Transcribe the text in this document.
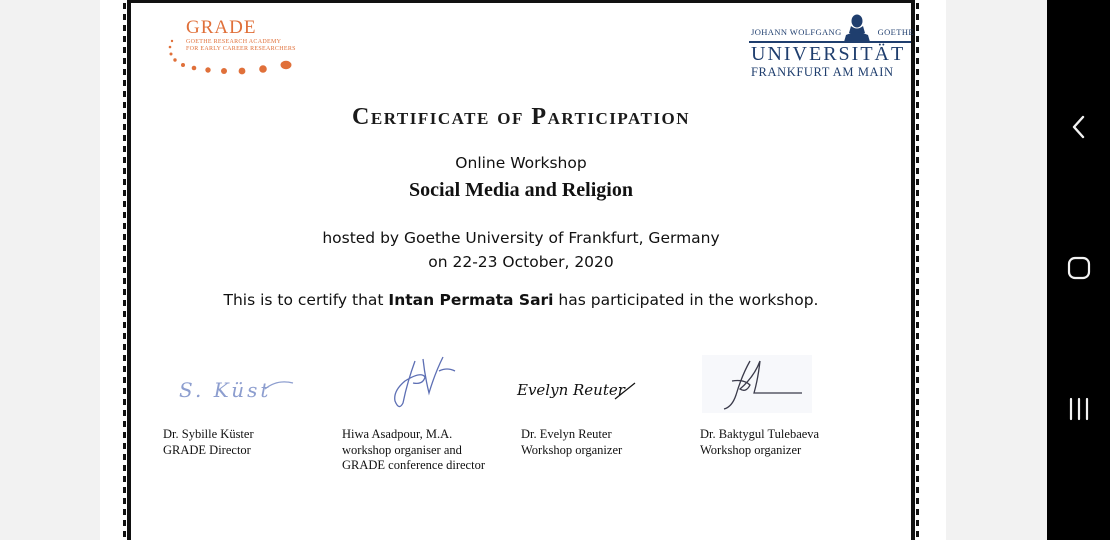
GRADE
GOETHE RESEARCH ACADEMY
FOR EARLY CAREER RESEARCHERS
JOHANN WOLFGANG	GOETHE
UNIVERSITÄT
FRANKFURT AM MAIN
Certificate of Participation
Online Workshop
Social Media and Religion
hosted by Goethe University of Frankfurt, Germany
on 22-23 October, 2020
This is to certify that Intan Permata Sari has participated in the workshop.
S. Küst
Dr. Sybille Küster
GRADE Director
Hiwa Asadpour, M.A.
workshop organiser and
GRADE conference director
Evelyn Reuter
Dr. Evelyn Reuter
Workshop organizer
Dr. Baktygul Tulebaeva
Workshop organizer
